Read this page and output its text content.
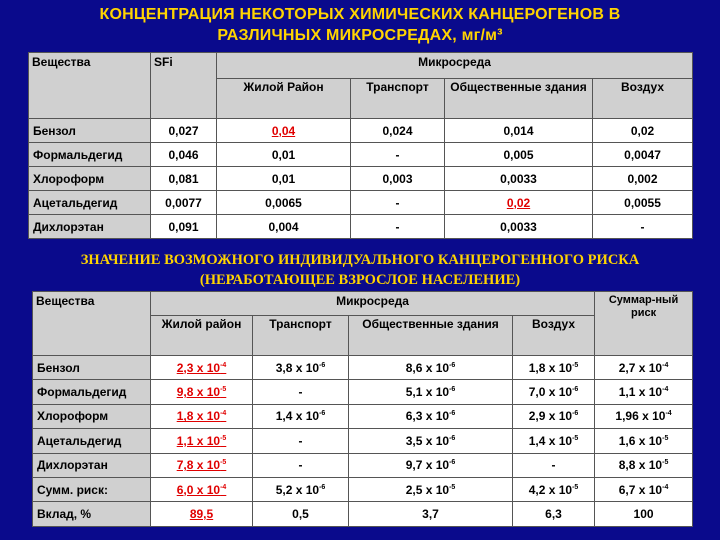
КОНЦЕНТРАЦИЯ НЕКОТОРЫХ ХИМИЧЕСКИХ КАНЦЕРОГЕНОВ В
РАЗЛИЧНЫХ МИКРОСРЕДАХ, мг/м³
Вещества	SFi	Микросреда			
		Жилой Район	Транспорт	Общественные здания	Воздух
Бензол	0,027	0,04	0,024	0,014	0,02
Формальдегид	0,046	0,01	-	0,005	0,0047
Хлороформ	0,081	0,01	0,003	0,0033	0,002
Ацетальдегид	0,0077	0,0065	-	0,02	0,0055
Дихлорэтан	0,091	0,004	-	0,0033	-
ЗНАЧЕНИЕ ВОЗМОЖНОГО ИНДИВИДУАЛЬНОГО КАНЦЕРОГЕННОГО РИСКА
(НЕРАБОТАЮЩЕЕ ВЗРОСЛОЕ НАСЕЛЕНИЕ)
Вещества	Микросреда				Суммар-ный риск
	Жилой район	Транспорт	Общественные здания	Воздух	
Бензол	2,3 x $10^{-4}$	3,8 x $10^{-6}$	8,6 x $10^{-6}$	1,8 x $10^{-5}$	2,7 x $10^{-4}$
Формальдегид	9,8 x $10^{-5}$	-	5,1 x $10^{-6}$	7,0 x $10^{-6}$	1,1 x $10^{-4}$
Хлороформ	1,8 x $10^{-4}$	1,4 x $10^{-6}$	6,3 x $10^{-6}$	2,9 x $10^{-6}$	1,96 x $10^{-4}$
Ацетальдегид	1,1 x $10^{-5}$	-	3,5 x $10^{-6}$	1,4 x $10^{-5}$	1,6 x $10^{-5}$
Дихлорэтан	7,8 x $10^{-5}$	-	9,7 x $10^{-6}$	-	8,8 x $10^{-5}$
Сумм. риск:	6,0 x $10^{-4}$	5,2 x $10^{-6}$	2,5 x $10^{-5}$	4,2 x $10^{-5}$	6,7 x $10^{-4}$
Вклад, %	89,5	0,5	3,7	6,3	100
